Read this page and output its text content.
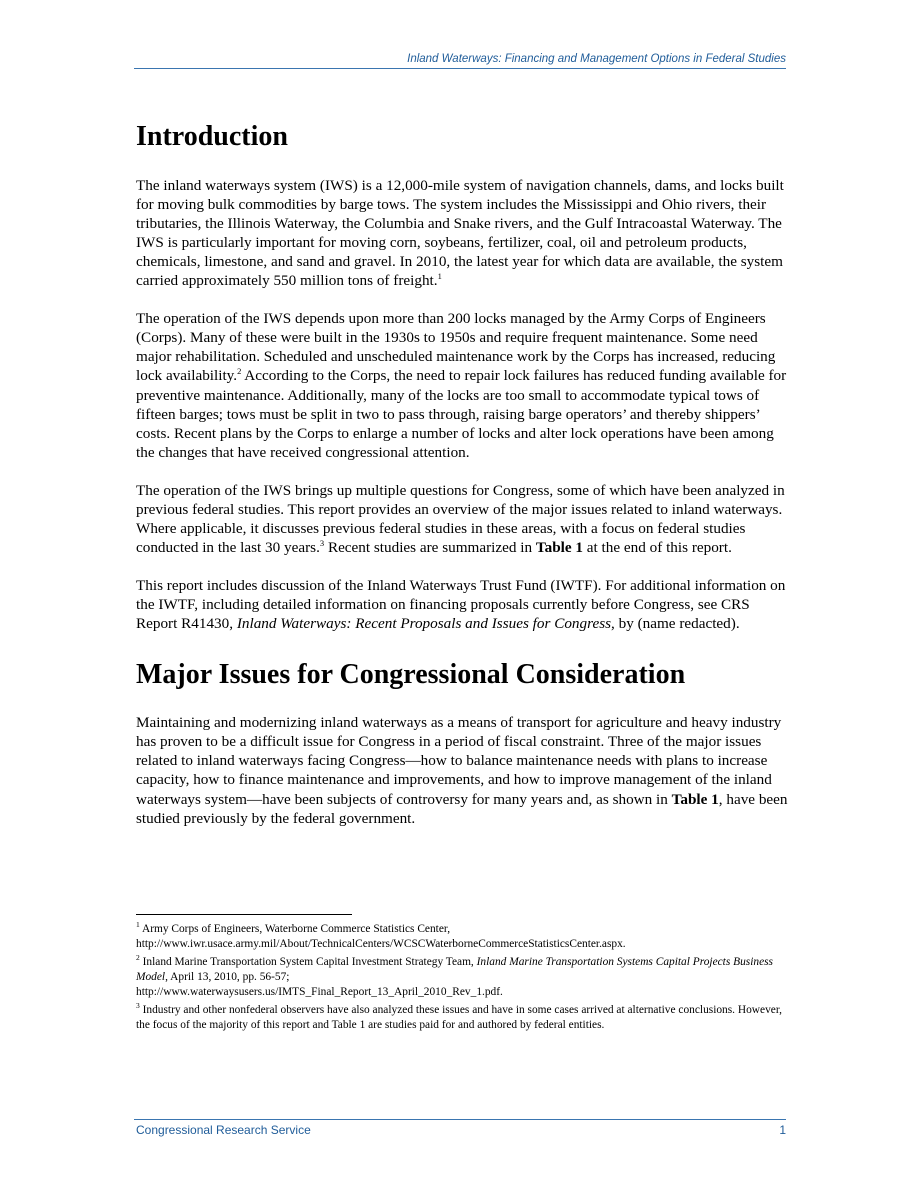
Inland Waterways: Financing and Management Options in Federal Studies
Introduction

The inland waterways system (IWS) is a 12,000-mile system of navigation channels, dams, and locks built for moving bulk commodities by barge tows. The system includes the Mississippi and Ohio rivers, their tributaries, the Illinois Waterway, the Columbia and Snake rivers, and the Gulf Intracoastal Waterway. The IWS is particularly important for moving corn, soybeans, fertilizer, coal, oil and petroleum products, chemicals, limestone, and sand and gravel. In 2010, the latest year for which data are available, the system carried approximately 550 million tons of freight.$^1$

The operation of the IWS depends upon more than 200 locks managed by the Army Corps of Engineers (Corps). Many of these were built in the 1930s to 1950s and require frequent maintenance. Some need major rehabilitation. Scheduled and unscheduled maintenance work by the Corps has increased, reducing lock availability.$^2$ According to the Corps, the need to repair lock failures has reduced funding available for preventive maintenance. Additionally, many of the locks are too small to accommodate typical tows of fifteen barges; tows must be split in two to pass through, raising barge operators’ and thereby shippers’ costs. Recent plans by the Corps to enlarge a number of locks and alter lock operations have been among the changes that have received congressional attention.

The operation of the IWS brings up multiple questions for Congress, some of which have been analyzed in previous federal studies. This report provides an overview of the major issues related to inland waterways. Where applicable, it discusses previous federal studies in these areas, with a focus on federal studies conducted in the last 30 years.$^3$ Recent studies are summarized in Table 1 at the end of this report.

This report includes discussion of the Inland Waterways Trust Fund (IWTF). For additional information on the IWTF, including detailed information on financing proposals currently before Congress, see CRS Report R41430, Inland Waterways: Recent Proposals and Issues for Congress, by (name redacted).

Major Issues for Congressional Consideration

Maintaining and modernizing inland waterways as a means of transport for agriculture and heavy industry has proven to be a difficult issue for Congress in a period of fiscal constraint. Three of the major issues related to inland waterways facing Congress—how to balance maintenance needs with plans to increase capacity, how to finance maintenance and improvements, and how to improve management of the inland waterways system—have been subjects of controversy for many years and, as shown in Table 1, have been studied previously by the federal government.

$^1$ Army Corps of Engineers, Waterborne Commerce Statistics Center,
http://www.iwr.usace.army.mil/About/TechnicalCenters/WCSCWaterborneCommerceStatisticsCenter.aspx.

$^2$ Inland Marine Transportation System Capital Investment Strategy Team, Inland Marine Transportation Systems Capital Projects Business Model, April 13, 2010, pp. 56-57;
http://www.waterwaysusers.us/IMTS_Final_Report_13_April_2010_Rev_1.pdf.

$^3$ Industry and other nonfederal observers have also analyzed these issues and have in some cases arrived at alternative conclusions. However, the focus of the majority of this report and Table 1 are studies paid for and authored by federal entities.

Congressional Research Service	1
